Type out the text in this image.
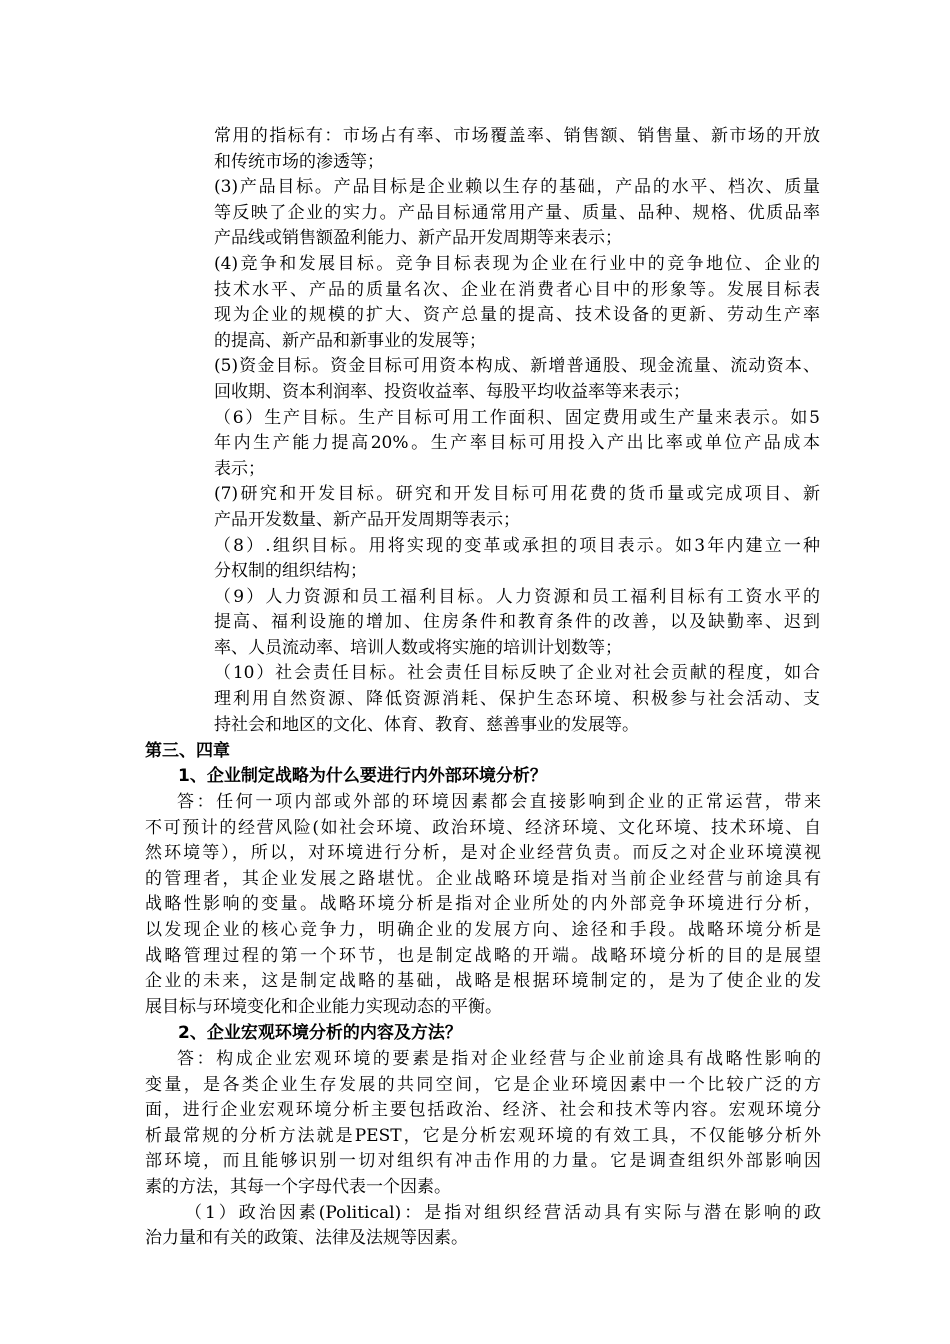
常用的指标有：市场占有率、市场覆盖率、销售额、销售量、新市场的开放
和传统市场的渗透等；
(3)产品目标。产品目标是企业赖以生存的基础，产品的水平、档次、质量
等反映了企业的实力。产品目标通常用产量、质量、品种、规格、优质品率
产品线或销售额盈利能力、新产品开发周期等来表示；
(4)竞争和发展目标。竞争目标表现为企业在行业中的竞争地位、企业的
技术水平、产品的质量名次、企业在消费者心目中的形象等。发展目标表
现为企业的规模的扩大、资产总量的提高、技术设备的更新、劳动生产率
的提高、新产品和新事业的发展等；
(5)资金目标。资金目标可用资本构成、新增普通股、现金流量、流动资本、
回收期、资本利润率、投资收益率、每股平均收益率等来表示；
（6）生产目标。生产目标可用工作面积、固定费用或生产量来表示。如5
年内生产能力提高20%。生产率目标可用投入产出比率或单位产品成本
表示；
(7)研究和开发目标。研究和开发目标可用花费的货币量或完成项目、新
产品开发数量、新产品开发周期等表示；
（8）.组织目标。用将实现的变革或承担的项目表示。如3年内建立一种
分权制的组织结构；
（9）人力资源和员工福利目标。人力资源和员工福利目标有工资水平的
提高、福利设施的增加、住房条件和教育条件的改善，以及缺勤率、迟到
率、人员流动率、培训人数或将实施的培训计划数等；
（10）社会责任目标。社会责任目标反映了企业对社会贡献的程度，如合
理利用自然资源、降低资源消耗、保护生态环境、积极参与社会活动、支
持社会和地区的文化、体育、教育、慈善事业的发展等。
第三、四章
1、企业制定战略为什么要进行内外部环境分析？
答：任何一项内部或外部的环境因素都会直接影响到企业的正常运营，带来
不可预计的经营风险(如社会环境、政治环境、经济环境、文化环境、技术环境、自
然环境等），所以，对环境进行分析，是对企业经营负责。而反之对企业环境漠视
的管理者，其企业发展之路堪忧。企业战略环境是指对当前企业经营与前途具有
战略性影响的变量。战略环境分析是指对企业所处的内外部竞争环境进行分析，
以发现企业的核心竞争力，明确企业的发展方向、途径和手段。战略环境分析是
战略管理过程的第一个环节，也是制定战略的开端。战略环境分析的目的是展望
企业的未来，这是制定战略的基础，战略是根据环境制定的，是为了使企业的发
展目标与环境变化和企业能力实现动态的平衡。
2、企业宏观环境分析的内容及方法？
答：构成企业宏观环境的要素是指对企业经营与企业前途具有战略性影响的
变量，是各类企业生存发展的共同空间，它是企业环境因素中一个比较广泛的方
面，进行企业宏观环境分析主要包括政治、经济、社会和技术等内容。宏观环境分
析最常规的分析方法就是PEST，它是分析宏观环境的有效工具，不仅能够分析外
部环境，而且能够识别一切对组织有冲击作用的力量。它是调查组织外部影响因
素的方法，其每一个字母代表一个因素。
（1）政治因素(Political)：是指对组织经营活动具有实际与潜在影响的政
治力量和有关的政策、法律及法规等因素。
